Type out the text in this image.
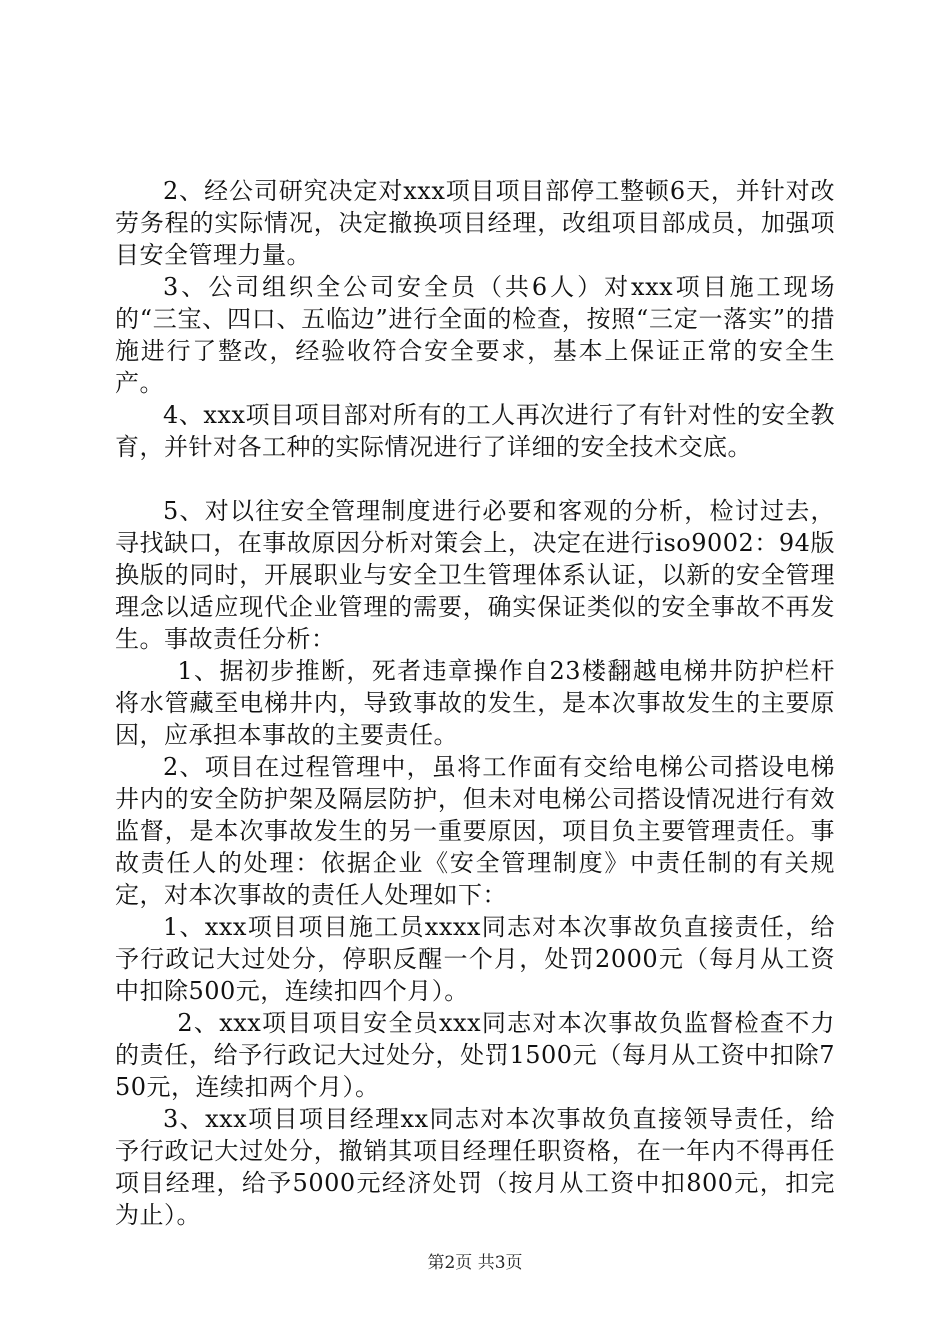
2、经公司研究决定对xxx项目项目部停工整顿6天，并针对改劳务程的实际情况，决定撤换项目经理，改组项目部成员，加强项目安全管理力量。

3、公司组织全公司安全员（共6人）对xxx项目施工现场的“三宝、四口、五临边”进行全面的检查，按照“三定一落实”的措施进行了整改，经验收符合安全要求，基本上保证正常的安全生产。

4、xxx项目项目部对所有的工人再次进行了有针对性的安全教育，并针对各工种的实际情况进行了详细的安全技术交底。

5、对以往安全管理制度进行必要和客观的分析，检讨过去，寻找缺口，在事故原因分析对策会上，决定在进行iso9002：94版换版的同时，开展职业与安全卫生管理体系认证，以新的安全管理理念以适应现代企业管理的需要，确实保证类似的安全事故不再发生。事故责任分析：

1、据初步推断，死者违章操作自23楼翻越电梯井防护栏杆将水管藏至电梯井内，导致事故的发生，是本次事故发生的主要原因，应承担本事故的主要责任。

2、项目在过程管理中，虽将工作面有交给电梯公司搭设电梯井内的安全防护架及隔层防护，但未对电梯公司搭设情况进行有效监督，是本次事故发生的另一重要原因，项目负主要管理责任。事故责任人的处理：依据企业《安全管理制度》中责任制的有关规定，对本次事故的责任人处理如下：

1、xxx项目项目施工员xxxx同志对本次事故负直接责任，给予行政记大过处分，停职反醒一个月，处罚2000元（每月从工资中扣除500元，连续扣四个月）。

2、xxx项目项目安全员xxx同志对本次事故负监督检查不力的责任，给予行政记大过处分，处罚1500元（每月从工资中扣除750元，连续扣两个月）。

3、xxx项目项目经理xx同志对本次事故负直接领导责任，给予行政记大过处分，撤销其项目经理任职资格，在一年内不得再任项目经理，给予5000元经济处罚（按月从工资中扣800元，扣完为止）。

第2页 共3页
